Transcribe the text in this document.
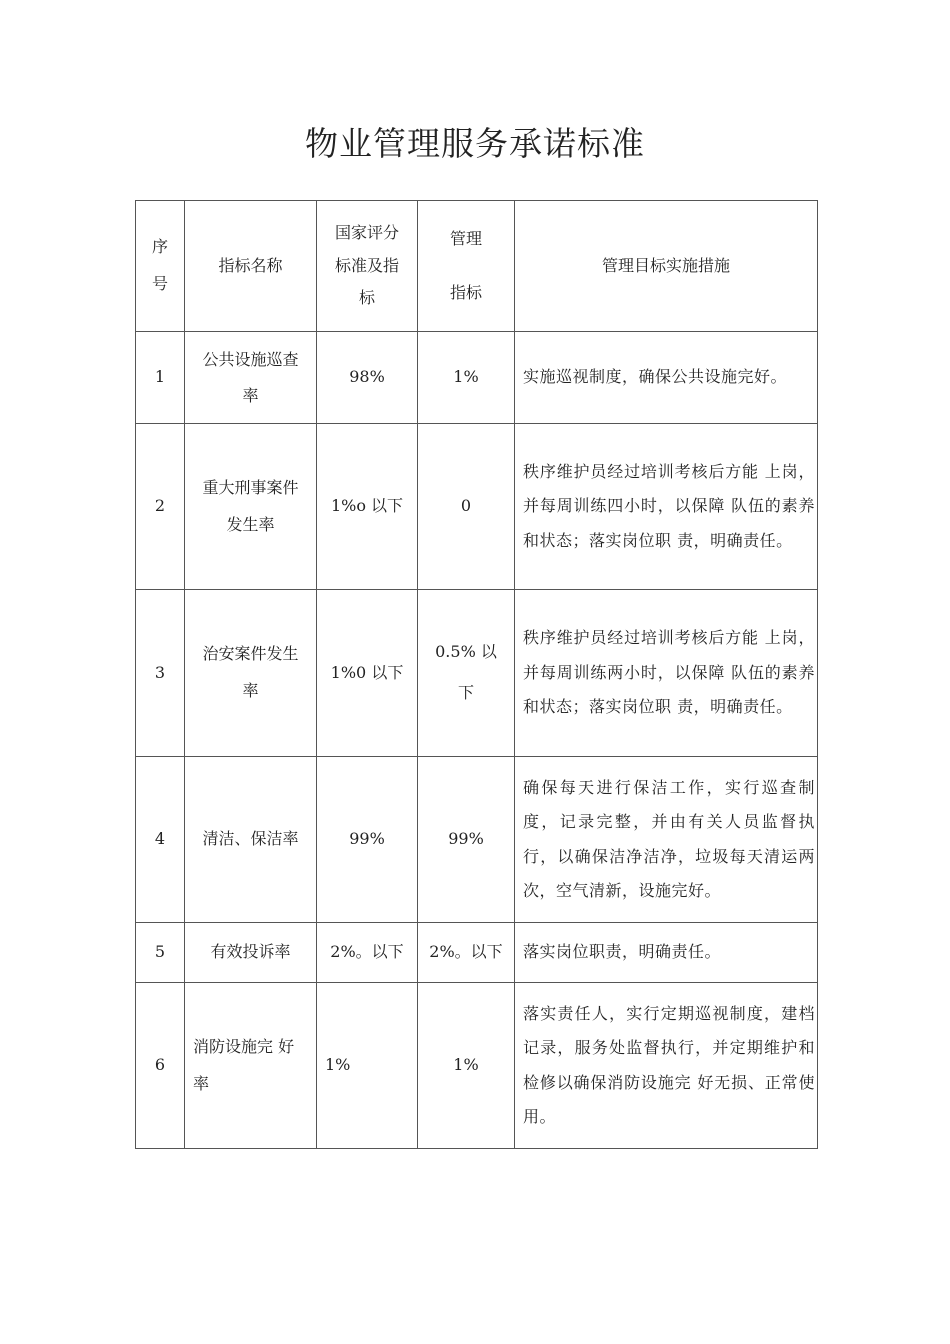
物业管理服务承诺标准
序号	指标名称	国家评分标准及指标	管理指标	管理目标实施措施
1	公共设施巡查率	98%	1%	实施巡视制度，确保公共设施完好。
2	重大刑事案件发生率	1%o 以下	0	秩序维护员经过培训考核后方能 上岗，并每周训练四小时，以保障 队伍的素养和状态；落实岗位职 责，明确责任。
3	治安案件发生率	1%0 以下	0.5% 以下	秩序维护员经过培训考核后方能 上岗，并每周训练两小时，以保障 队伍的素养和状态；落实岗位职 责，明确责任。
4	清洁、保洁率	99%	99%	确保每天进行保洁工作，实行巡查制度，记录完整，并由有关人员监督执行，以确保洁净洁净，垃圾每天清运两次，空气清新，设施完好。
5	有效投诉率	2%。以下	2%。以下	落实岗位职责，明确责任。
6	消防设施完 好率	1%	1%	落实责任人，实行定期巡视制度，建档记录，服务处监督执行，并定期维护和检修以确保消防设施完 好无损、正常使用。
